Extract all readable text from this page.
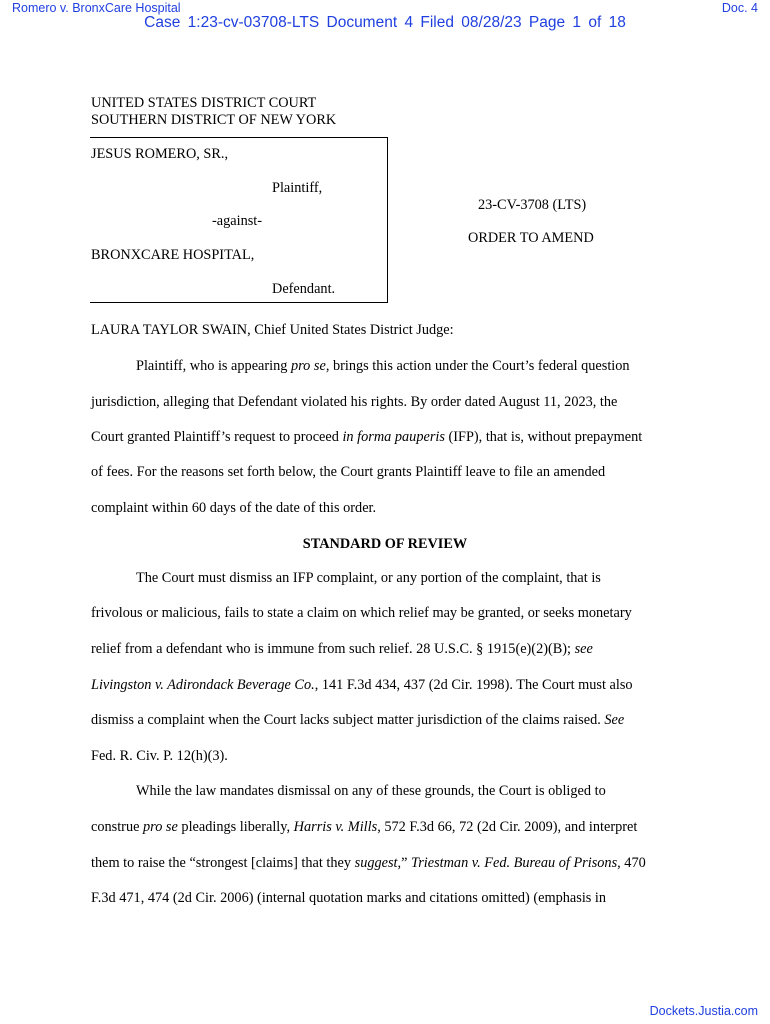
Romero v. BronxCare Hospital	Doc. 4
Case 1:23-cv-03708-LTS Document 4 Filed 08/28/23 Page 1 of 18
UNITED STATES DISTRICT COURT
SOUTHERN DISTRICT OF NEW YORK
JESUS ROMERO, SR.,
Plaintiff,
-against-
BRONXCARE HOSPITAL,
Defendant.
23-CV-3708 (LTS)
ORDER TO AMEND
LAURA TAYLOR SWAIN, Chief United States District Judge:
Plaintiff, who is appearing pro se, brings this action under the Court’s federal question
jurisdiction, alleging that Defendant violated his rights. By order dated August 11, 2023, the
Court granted Plaintiff’s request to proceed in forma pauperis (IFP), that is, without prepayment
of fees. For the reasons set forth below, the Court grants Plaintiff leave to file an amended
complaint within 60 days of the date of this order.
STANDARD OF REVIEW
The Court must dismiss an IFP complaint, or any portion of the complaint, that is
frivolous or malicious, fails to state a claim on which relief may be granted, or seeks monetary
relief from a defendant who is immune from such relief. 28 U.S.C. § 1915(e)(2)(B); see
Livingston v. Adirondack Beverage Co., 141 F.3d 434, 437 (2d Cir. 1998). The Court must also
dismiss a complaint when the Court lacks subject matter jurisdiction of the claims raised. See
Fed. R. Civ. P. 12(h)(3).
While the law mandates dismissal on any of these grounds, the Court is obliged to
construe pro se pleadings liberally, Harris v. Mills, 572 F.3d 66, 72 (2d Cir. 2009), and interpret
them to raise the “strongest [claims] that they suggest,” Triestman v. Fed. Bureau of Prisons, 470
F.3d 471, 474 (2d Cir. 2006) (internal quotation marks and citations omitted) (emphasis in
Dockets.Justia.com
